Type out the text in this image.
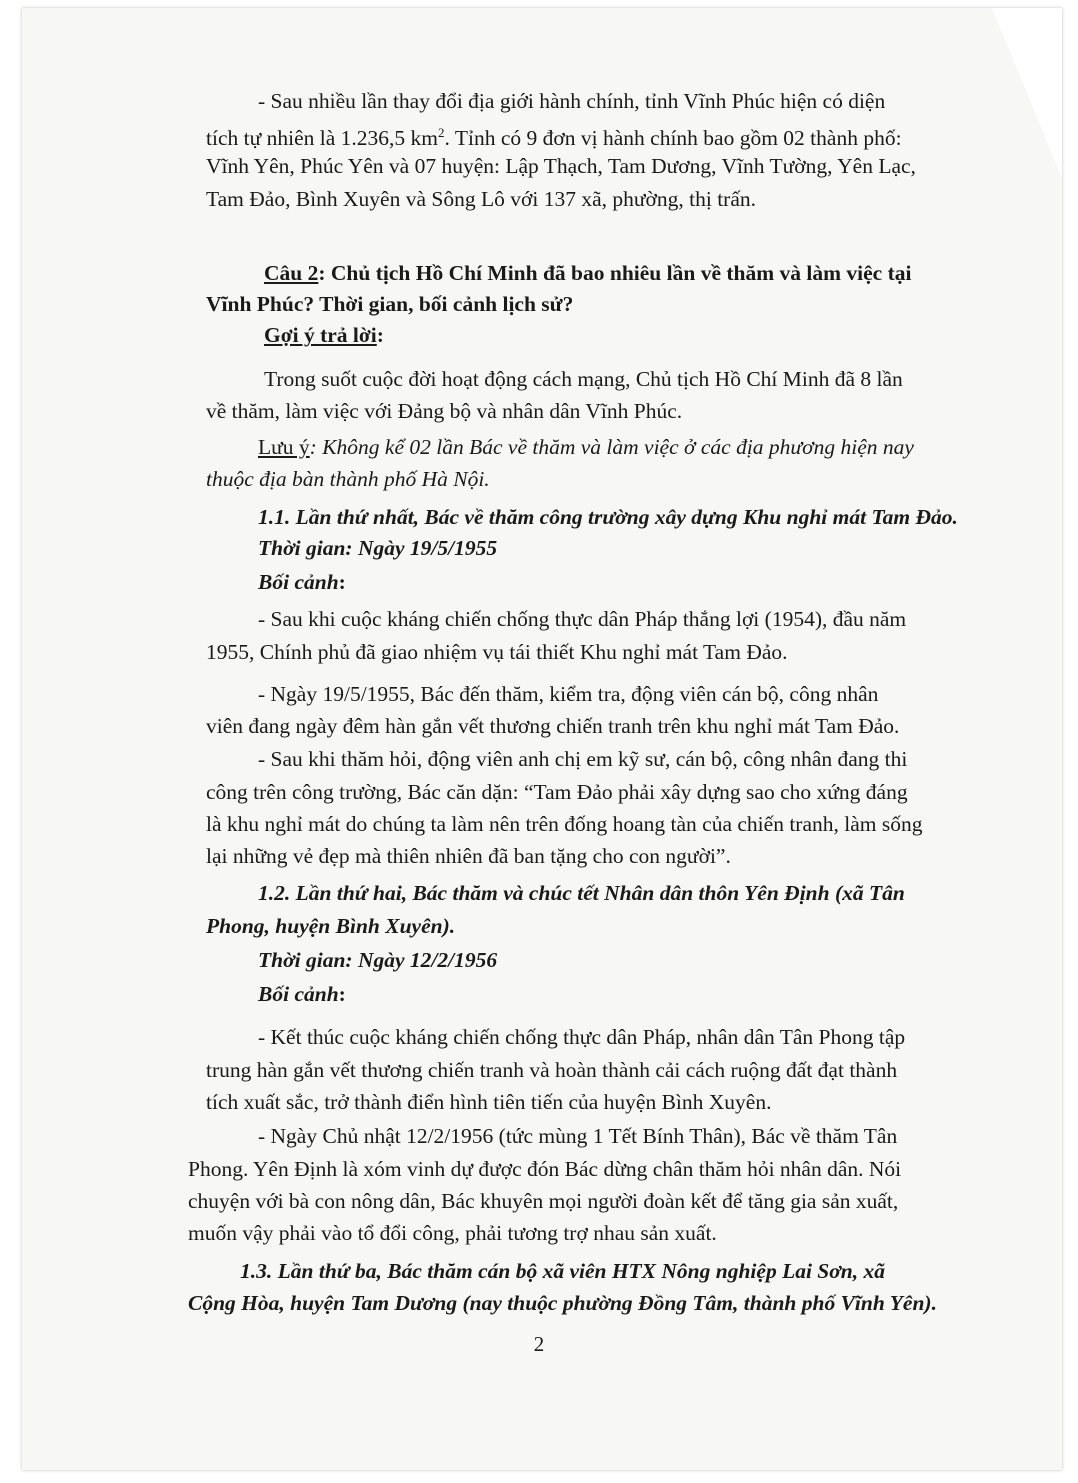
- Sau nhiều lần thay đổi địa giới hành chính, tỉnh Vĩnh Phúc hiện có diện
tích tự nhiên là 1.236,5 $km^2$. Tỉnh có 9 đơn vị hành chính bao gồm 02 thành phố:
Vĩnh Yên, Phúc Yên và 07 huyện: Lập Thạch, Tam Dương, Vĩnh Tường, Yên Lạc,
Tam Đảo, Bình Xuyên và Sông Lô với 137 xã, phường, thị trấn.
Câu 2: Chủ tịch Hồ Chí Minh đã bao nhiêu lần về thăm và làm việc tại
Vĩnh Phúc? Thời gian, bối cảnh lịch sử?
Gợi ý trả lời:
Trong suốt cuộc đời hoạt động cách mạng, Chủ tịch Hồ Chí Minh đã 8 lần
về thăm, làm việc với Đảng bộ và nhân dân Vĩnh Phúc.
Lưu ý: Không kể 02 lần Bác về thăm và làm việc ở các địa phương hiện nay
thuộc địa bàn thành phố Hà Nội.
1.1. Lần thứ nhất, Bác về thăm công trường xây dựng Khu nghỉ mát Tam Đảo.
Thời gian: Ngày 19/5/1955
Bối cảnh:
- Sau khi cuộc kháng chiến chống thực dân Pháp thắng lợi (1954), đầu năm
1955, Chính phủ đã giao nhiệm vụ tái thiết Khu nghỉ mát Tam Đảo.
- Ngày 19/5/1955, Bác đến thăm, kiểm tra, động viên cán bộ, công nhân
viên đang ngày đêm hàn gắn vết thương chiến tranh trên khu nghỉ mát Tam Đảo.
- Sau khi thăm hỏi, động viên anh chị em kỹ sư, cán bộ, công nhân đang thi
công trên công trường, Bác căn dặn: “Tam Đảo phải xây dựng sao cho xứng đáng
là khu nghỉ mát do chúng ta làm nên trên đống hoang tàn của chiến tranh, làm sống
lại những vẻ đẹp mà thiên nhiên đã ban tặng cho con người”.
1.2. Lần thứ hai, Bác thăm và chúc tết Nhân dân thôn Yên Định (xã Tân
Phong, huyện Bình Xuyên).
Thời gian: Ngày 12/2/1956
Bối cảnh:
- Kết thúc cuộc kháng chiến chống thực dân Pháp, nhân dân Tân Phong tập
trung hàn gắn vết thương chiến tranh và hoàn thành cải cách ruộng đất đạt thành
tích xuất sắc, trở thành điển hình tiên tiến của huyện Bình Xuyên.
- Ngày Chủ nhật 12/2/1956 (tức mùng 1 Tết Bính Thân), Bác về thăm Tân
Phong. Yên Định là xóm vinh dự được đón Bác dừng chân thăm hỏi nhân dân. Nói
chuyện với bà con nông dân, Bác khuyên mọi người đoàn kết để tăng gia sản xuất,
muốn vậy phải vào tổ đổi công, phải tương trợ nhau sản xuất.
1.3. Lần thứ ba, Bác thăm cán bộ xã viên HTX Nông nghiệp Lai Sơn, xã
Cộng Hòa, huyện Tam Dương (nay thuộc phường Đồng Tâm, thành phố Vĩnh Yên).
2
